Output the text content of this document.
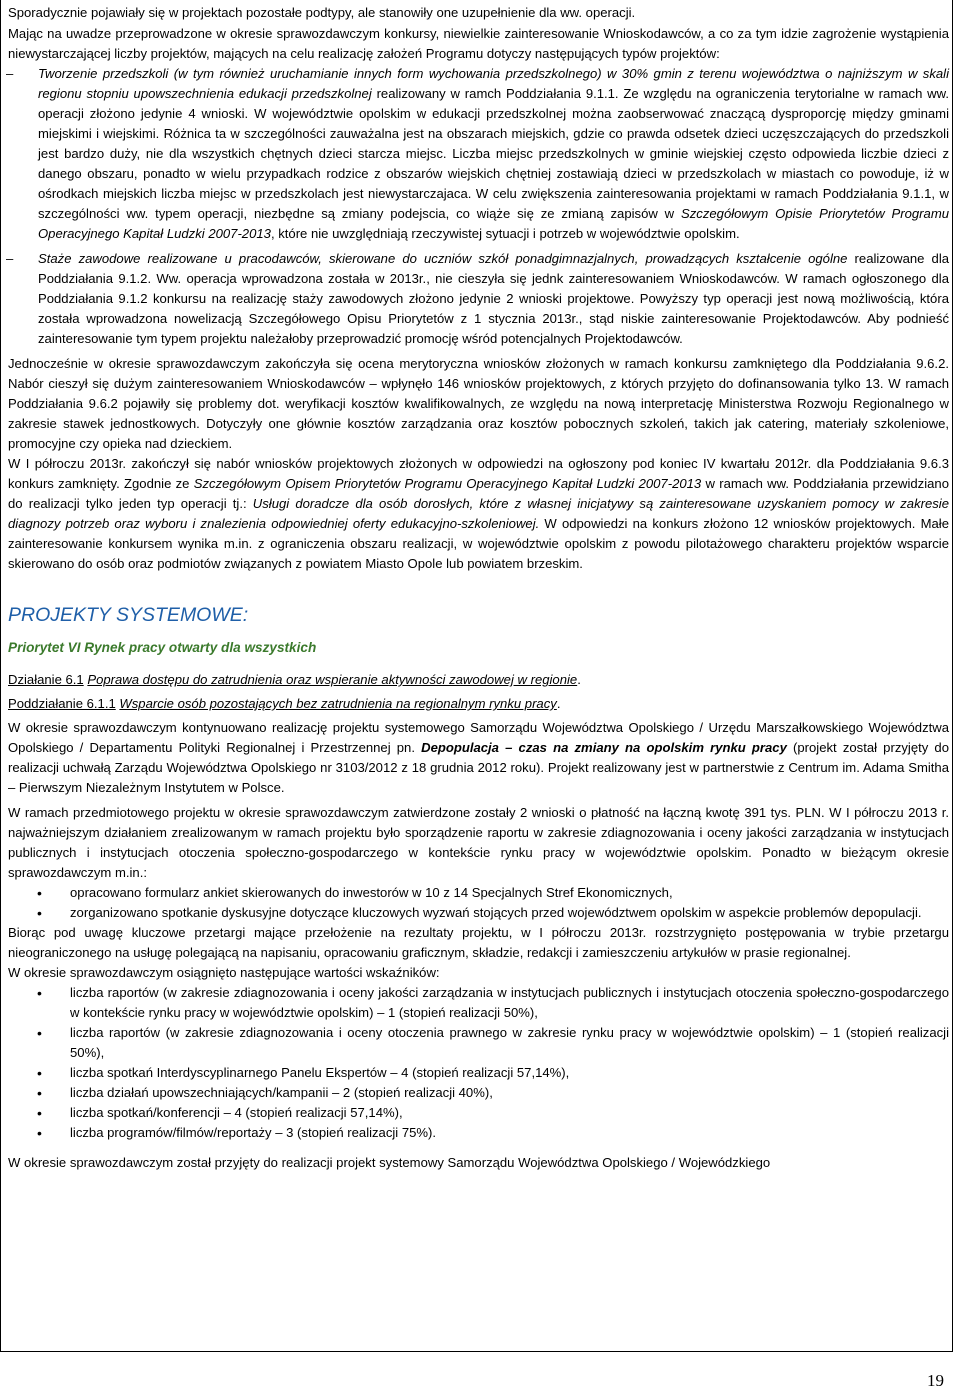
Sporadycznie pojawiały się w projektach pozostałe podtypy, ale stanowiły one uzupełnienie dla ww. operacji.

Mając na uwadze przeprowadzone w okresie sprawozdawczym konkursy, niewielkie zainteresowanie Wnioskodawców, a co za tym idzie zagrożenie wystąpienia niewystarczającej liczby projektów, mających na celu realizację założeń Programu dotyczy następujących typów projektów:

– Tworzenie przedszkoli (w tym również uruchamianie innych form wychowania przedszkolnego) w 30% gmin z terenu województwa o najniższym w skali regionu stopniu upowszechnienia edukacji przedszkolnej realizowany w ramch Poddziałania 9.1.1. Ze względu na ograniczenia terytorialne w ramach ww. operacji złożono jedynie 4 wnioski. W województwie opolskim w edukacji przedszkolnej można zaobserwować znaczącą dysproporcję między gminami miejskimi i wiejskimi. Różnica ta w szczególności zauważalna jest na obszarach miejskich, gdzie co prawda odsetek dzieci uczęszczających do przedszkoli jest bardzo duży, nie dla wszystkich chętnych dzieci starcza miejsc. Liczba miejsc przedszkolnych w gminie wiejskiej często odpowieda liczbie dzieci z danego obszaru, ponadto w wielu przypadkach rodzice z obszarów wiejskich chętniej zostawiają dzieci w przedszkolach w miastach co powoduje, iż w ośrodkach miejskich liczba miejsc w przedszkolach jest niewystarczajaca. W celu zwiększenia zainteresowania projektami w ramach Poddziałania 9.1.1, w szczególności ww. typem operacji, niezbędne są zmiany podejscia, co wiąże się ze zmianą zapisów w Szczegółowym Opisie Priorytetów Programu Operacyjnego Kapitał Ludzki 2007-2013, które nie uwzględniają rzeczywistej sytuacji i potrzeb w województwie opolskim.
– Staże zawodowe realizowane u pracodawców, skierowane do uczniów szkół ponadgimnazjalnych, prowadzących kształcenie ogólne realizowane dla Poddziałania 9.1.2. Ww. operacja wprowadzona została w 2013r., nie cieszyła się jednk zainteresowaniem Wnioskodawców. W ramach ogłoszonego dla Poddziałania 9.1.2 konkursu na realizację staży zawodowych złożono jedynie 2 wnioski projektowe. Powyższy typ operacji jest nową możliwością, która została wprowadzona nowelizacją Szczegółowego Opisu Priorytetów z 1 stycznia 2013r., stąd niskie zainteresowanie Projektodawców. Aby podnieść zainteresowanie tym typem projektu należałoby przeprowadzić promocję wśród potencjalnych Projektodawców.

Jednocześnie w okresie sprawozdawczym zakończyła się ocena merytoryczna wniosków złożonych w ramach konkursu zamkniętego dla Poddziałania 9.6.2. Nabór cieszył się dużym zainteresowaniem Wnioskodawców – wpłynęło 146 wniosków projektowych, z których przyjęto do dofinansowania tylko 13. W ramach Poddziałania 9.6.2 pojawiły się problemy dot. weryfikacji kosztów kwalifikowalnych, ze względu na nową interpretację Ministerstwa Rozwoju Regionalnego w zakresie stawek jednostkowych. Dotyczyły one głównie kosztów zarządzania oraz kosztów pobocznych szkoleń, takich jak catering, materiały szkoleniowe, promocyjne czy opieka nad dzieckiem.

W I półroczu 2013r. zakończył się nabór wniosków projektowych złożonych w odpowiedzi na ogłoszony pod koniec IV kwartału 2012r. dla Poddziałania 9.6.3 konkurs zamknięty. Zgodnie ze Szczegółowym Opisem Priorytetów Programu Operacyjnego Kapitał Ludzki 2007-2013 w ramach ww. Poddziałania przewidziano do realizacji tylko jeden typ operacji tj.: Usługi doradcze dla osób dorosłych, które z własnej inicjatywy są zainteresowane uzyskaniem pomocy w zakresie diagnozy potrzeb oraz wyboru i znalezienia odpowiedniej oferty edukacyjno-szkoleniowej. W odpowiedzi na konkurs złożono 12 wniosków projektowych. Małe zainteresowanie konkursem wynika m.in. z ograniczenia obszaru realizacji, w województwie opolskim z powodu pilotażowego charakteru projektów wsparcie skierowano do osób oraz podmiotów związanych z powiatem Miasto Opole lub powiatem brzeskim.

PROJEKTY SYSTEMOWE:
Priorytet VI Rynek pracy otwarty dla wszystkich

Działanie 6.1 Poprawa dostępu do zatrudnienia oraz wspieranie aktywności zawodowej w regionie.

Poddziałanie 6.1.1 Wsparcie osób pozostających bez zatrudnienia na regionalnym rynku pracy.

W okresie sprawozdawczym kontynuowano realizację projektu systemowego Samorządu Województwa Opolskiego / Urzędu Marszałkowskiego Województwa Opolskiego / Departamentu Polityki Regionalnej i Przestrzennej pn. Depopulacja – czas na zmiany na opolskim rynku pracy (projekt został przyjęty do realizacji uchwałą Zarządu Województwa Opolskiego nr 3103/2012 z 18 grudnia 2012 roku). Projekt realizowany jest w partnerstwie z Centrum im. Adama Smitha – Pierwszym Niezależnym Instytutem w Polsce.

W ramach przedmiotowego projektu w okresie sprawozdawczym zatwierdzone zostały 2 wnioski o płatność na łączną kwotę 391 tys. PLN. W I półroczu 2013 r. najważniejszym działaniem zrealizowanym w ramach projektu było sporządzenie raportu w zakresie zdiagnozowania i oceny jakości zarządzania w instytucjach publicznych i instytucjach otoczenia społeczno-gospodarczego w kontekście rynku pracy w województwie opolskim. Ponadto w bieżącym okresie sprawozdawczym m.in.:

• opracowano formularz ankiet skierowanych do inwestorów w 10 z 14 Specjalnych Stref Ekonomicznych,
• zorganizowano spotkanie dyskusyjne dotyczące kluczowych wyzwań stojących przed województwem opolskim w aspekcie problemów depopulacji.

Biorąc pod uwagę kluczowe przetargi mające przełożenie na rezultaty projektu, w I półroczu 2013r. rozstrzygnięto postępowania w trybie przetargu nieograniczonego na usługę polegającą na napisaniu, opracowaniu graficznym, składzie, redakcji i zamieszczeniu artykułów w prasie regionalnej.

W okresie sprawozdawczym osiągnięto następujące wartości wskaźników:

• liczba raportów (w zakresie zdiagnozowania i oceny jakości zarządzania w instytucjach publicznych i instytucjach otoczenia społeczno-gospodarczego w kontekście rynku pracy w województwie opolskim) – 1 (stopień realizacji 50%),
• liczba raportów (w zakresie zdiagnozowania i oceny otoczenia prawnego w zakresie rynku pracy w województwie opolskim) – 1 (stopień realizacji 50%),
• liczba spotkań Interdyscyplinarnego Panelu Ekspertów – 4 (stopień realizacji 57,14%),
• liczba działań upowszechniających/kampanii – 2 (stopień realizacji 40%),
• liczba spotkań/konferencji – 4 (stopień realizacji 57,14%),
• liczba programów/filmów/reportaży – 3 (stopień realizacji 75%).

W okresie sprawozdawczym został przyjęty do realizacji projekt systemowy Samorządu Województwa Opolskiego / Wojewódzkiego

19
